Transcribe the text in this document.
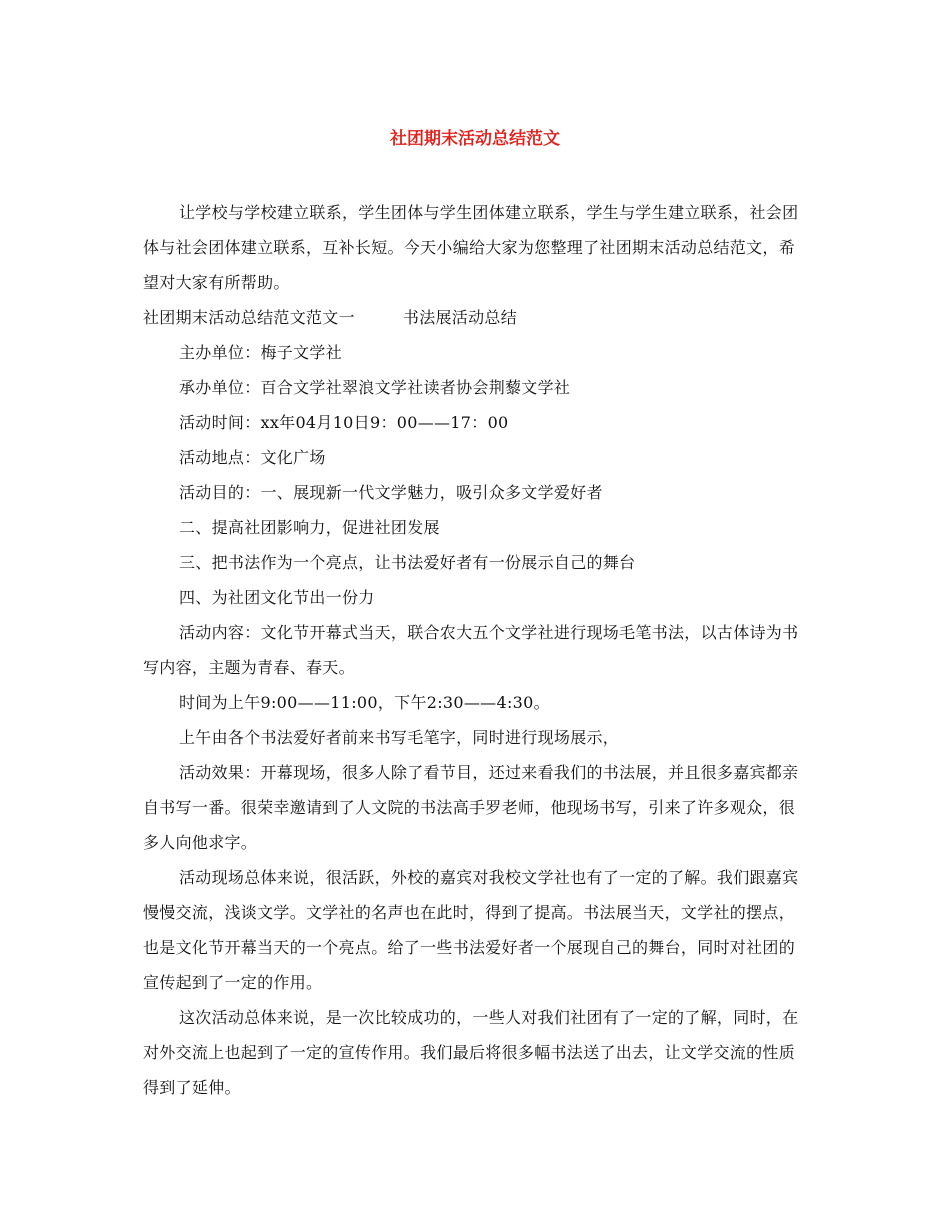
社团期末活动总结范文

让学校与学校建立联系，学生团体与学生团体建立联系，学生与学生建立联系，社会团体与社会团体建立联系，互补长短。今天小编给大家为您整理了社团期末活动总结范文，希望对大家有所帮助。

社团期末活动总结范文范文一	书法展活动总结

主办单位：梅子文学社

承办单位：百合文学社翠浪文学社读者协会荆藜文学社

活动时间：xx年04月10日9：00——17：00

活动地点：文化广场

活动目的：一、展现新一代文学魅力，吸引众多文学爱好者

二、提高社团影响力，促进社团发展

三、把书法作为一个亮点，让书法爱好者有一份展示自己的舞台

四、为社团文化节出一份力

活动内容：文化节开幕式当天，联合农大五个文学社进行现场毛笔书法，以古体诗为书写内容，主题为青春、春天。

时间为上午9:00——11:00，下午2:30——4:30。

上午由各个书法爱好者前来书写毛笔字，同时进行现场展示，

活动效果：开幕现场，很多人除了看节目，还过来看我们的书法展，并且很多嘉宾都亲自书写一番。很荣幸邀请到了人文院的书法高手罗老师，他现场书写，引来了许多观众，很多人向他求字。

活动现场总体来说，很活跃，外校的嘉宾对我校文学社也有了一定的了解。我们跟嘉宾慢慢交流，浅谈文学。文学社的名声也在此时，得到了提高。书法展当天，文学社的摆点，也是文化节开幕当天的一个亮点。给了一些书法爱好者一个展现自己的舞台，同时对社团的宣传起到了一定的作用。

这次活动总体来说，是一次比较成功的，一些人对我们社团有了一定的了解，同时，在对外交流上也起到了一定的宣传作用。我们最后将很多幅书法送了出去，让文学交流的性质得到了延伸。
